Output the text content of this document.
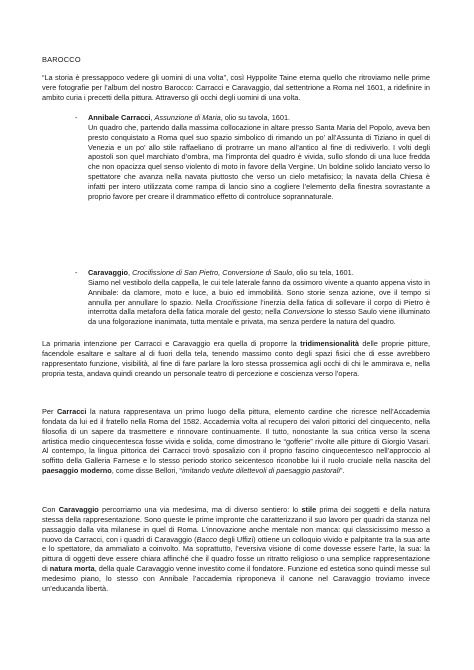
BAROCCO
“La storia è pressappoco vedere gli uomini di una volta”, così Hyppolite Taine eterna quello che ritroviamo nelle prime vere fotografie per l’album del nostro Barocco: Carracci e Caravaggio, dal settentrione a Roma nel 1601, a ridefinire in ambito curia i precetti della pittura. Attraverso gli occhi degli uomini di una volta.
- Annibale Carracci, Assunzione di Maria, olio su tavola, 1601.
Un quadro che, partendo dalla massima collocazione in altare presso Santa Maria del Popolo, aveva ben presto conquistato a Roma quel suo spazio simbolico di rimando un po’ all’Assunta di Tiziano in quel di Venezia e un po’ allo stile raffaeliano di protrarre un mano all’antico al fine di rediviverlo. I volti degli apostoli son quel marchiato d’ombra, ma l’impronta del quadro è vivida, sullo sfondo di una luce fredda che non opacizza quel senso violento di moto in favore della Vergine. Un boldine solido lanciato verso lo spettatore che avanza nella navata piuttosto che verso un cielo metafisico; la navata della Chiesa è infatti per intero utilizzata come rampa di lancio sino a cogliere l’elemento della finestra sovrastante a proprio favore per creare il drammatico effetto di controluce soprannaturale.
- Caravaggio, Crocifissione di San Pietro, Conversione di Saulo, olio su tela, 1601.
Siamo nel vestibolo della cappella, le cui tele laterale fanno da ossimoro vivente a quanto appena visto in Annibale: da clamore, moto e luce, a buio ed immobilità. Sono storie senza azione, ove il tempo si annulla per annullare lo spazio. Nella Crocifissione l’inerzia della fatica di sollevare il corpo di Pietro è interrotta dalla metafora della fatica morale del gesto; nella Conversione lo stesso Saulo viene illuminato da una folgorazione inanimata, tutta mentale e privata, ma senza perdere la natura del quadro.
La primaria intenzione per Carracci e Caravaggio era quella di proporre la tridimensionalità delle proprie pitture, facendole esaltare e saltare al di fuori della tela, tenendo massimo conto degli spazi fisici che di esse avrebbero rappresentato funzione, visibilità, al fine di fare parlare la loro stessa prossemica agli occhi di chi le ammirava e, nella propria testa, andava quindi creando un personale teatro di percezione e coscienza verso l’opera.
Per Carracci la natura rappresentava un primo luogo della pittura, elemento cardine che ricresce nell’Accademia fondata da lui ed il fratello nella Roma del 1582. Accademia volta al recupero dei valori pittorici del cinquecento, nella filosofia di un sapere da trasmettere e rinnovare continuamente. Il tutto, nonostante la sua critica verso la scena artistica medio cinquecentesca fosse vivida e solida, come dimostrano le “gofferie” rivolte alle pitture di Giorgio Vasari. Al contempo, la lingua pittorica dei Carracci trovò sposalizio con il proprio fascino cinquecentesco nell’approccio al soffitto della Galleria Farnese e lo stesso periodo storico seicentesco riconobbe lui il ruolo cruciale nella nascita del paesaggio moderno, come disse Bellori, “imitando vedute dilettevoli di paesaggio pastorali”.
Con Caravaggio percorriamo una via medesima, ma di diverso sentiero: lo stile prima dei soggetti e della natura stessa della rappresentazione. Sono queste le prime impronte che caratterizzano il suo lavoro per quadri da stanza nel passaggio dalla vita milanese in quel di Roma. L’innovazione anche mentale non manca: qui classicissimo messo a nuovo da Carracci, con i quadri di Caravaggio (Bacco degli Uffizi) ottiene un colloquio vivido e palpitante tra la sua arte e lo spettatore, da ammaliato a coinvolto. Ma soprattutto, l’eversiva visione di come dovesse essere l’arte, la sua: la pittura di oggetti deve essere chiara affinché che il quadro fosse un ritratto religioso o una semplice rappresentazione di natura morta, della quale Caravaggio venne investito come il fondatore. Funzione ed estetica sono quindi messe sul medesimo piano, lo stesso con Annibale l’accademia riproponeva il canone nel Caravaggio troviamo invece un’educanda libertà.
